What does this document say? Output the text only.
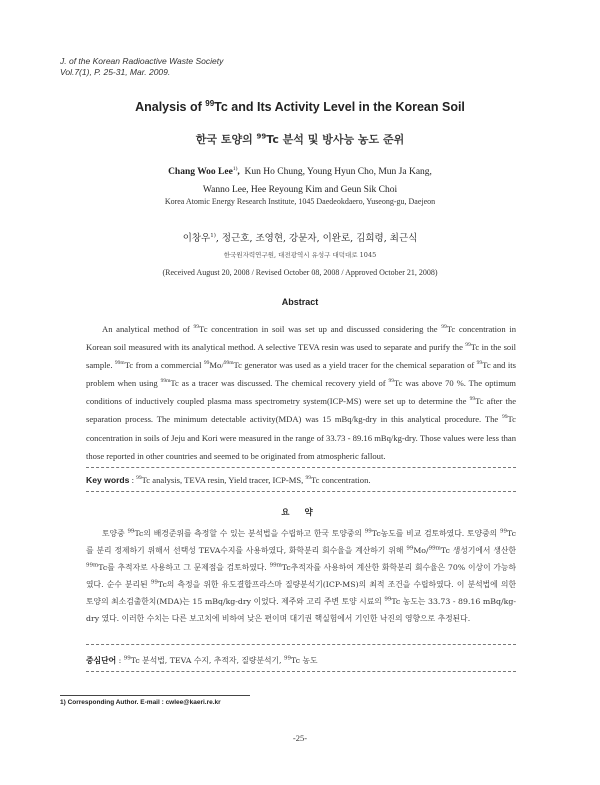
J. of the Korean Radioactive Waste Society
Vol.7(1), P. 25-31, Mar. 2009.
Analysis of $^{99}$Tc and Its Activity Level in the Korean Soil
한국 토양의 $^{99}$Tc 분석 및 방사능 농도 준위
Chang Woo Lee$^{1)}$, Kun Ho Chung, Young Hyun Cho, Mun Ja Kang,
Wanno Lee, Hee Reyoung Kim and Geun Sik Choi
Korea Atomic Energy Research Institute, 1045 Daedeokdaero, Yuseong-gu, Daejeon
이창우$^{1)}$, 정근호, 조영현, 강문자, 이완로, 김희령, 최근식
한국원자력연구원, 대전광역시 유성구 대덕대로 1045
(Received August 20, 2008 / Revised October 08, 2008 / Approved October 21, 2008)
Abstract
An analytical method of $^{99}$Tc concentration in soil was set up and discussed considering the $^{99}$Tc concentration in Korean soil measured with its analytical method. A selective TEVA resin was used to separate and purify the $^{99}$Tc in the soil sample. $^{99m}$Tc from a commercial $^{99}$Mo/$^{99m}$Tc generator was used as a yield tracer for the chemical separation of $^{99}$Tc and its problem when using $^{99m}$Tc as a tracer was discussed. The chemical recovery yield of $^{99}$Tc was above 70 %. The optimum conditions of inductively coupled plasma mass spectrometry system(ICP-MS) were set up to determine the $^{99}$Tc after the separation process. The minimum detectable activity(MDA) was 15 mBq/kg-dry in this analytical procedure. The $^{99}$Tc concentration in soils of Jeju and Kori were measured in the range of 33.73 - 89.16 mBq/kg-dry. Those values were less than those reported in other countries and seemed to be originated from atmospheric fallout.
Key words : $^{99}$Tc analysis, TEVA resin, Yield tracer, ICP-MS, $^{99}$Tc concentration.
요 약
토양중 $^{99}$Tc의 배경준위를 측정할 수 있는 분석법을 수립하고 한국 토양중의 $^{99}$Tc농도를 비교 검토하였다. 토양중의 $^{99}$Tc를 분리 정제하기 위해서 선택성 TEVA수지를 사용하였다, 화학분리 회수율을 계산하기 위해 $^{99}$Mo/$^{99m}$Tc 생성기에서 생산한 $^{99m}$Tc를 추적자로 사용하고 그 문제점을 검토하였다. $^{99m}$Tc추적자를 사용하여 계산한 화학분리 회수율은 70% 이상이 가능하였다. 순수 분리된 $^{99}$Tc의 측정을 위한 유도결합프라스마 질량분석기(ICP-MS)의 최적 조건을 수립하였다. 이 분석법에 의한 토양의 최소검출한치(MDA)는 15 mBq/kg-dry 이었다. 제주와 고리 주변 토양 시료의 $^{99}$Tc 농도는 33.73 - 89.16 mBq/kg-dry 였다. 이러한 수치는 다른 보고치에 비하여 낮은 편이며 대기권 핵실험에서 기인한 낙진의 영향으로 추정된다.
중심단어 : $^{99}$Tc 분석법, TEVA 수지, 추적자, 질량분석기, $^{99}$Tc 농도
1) Corresponding Author. E-mail : cwlee@kaeri.re.kr
-25-
